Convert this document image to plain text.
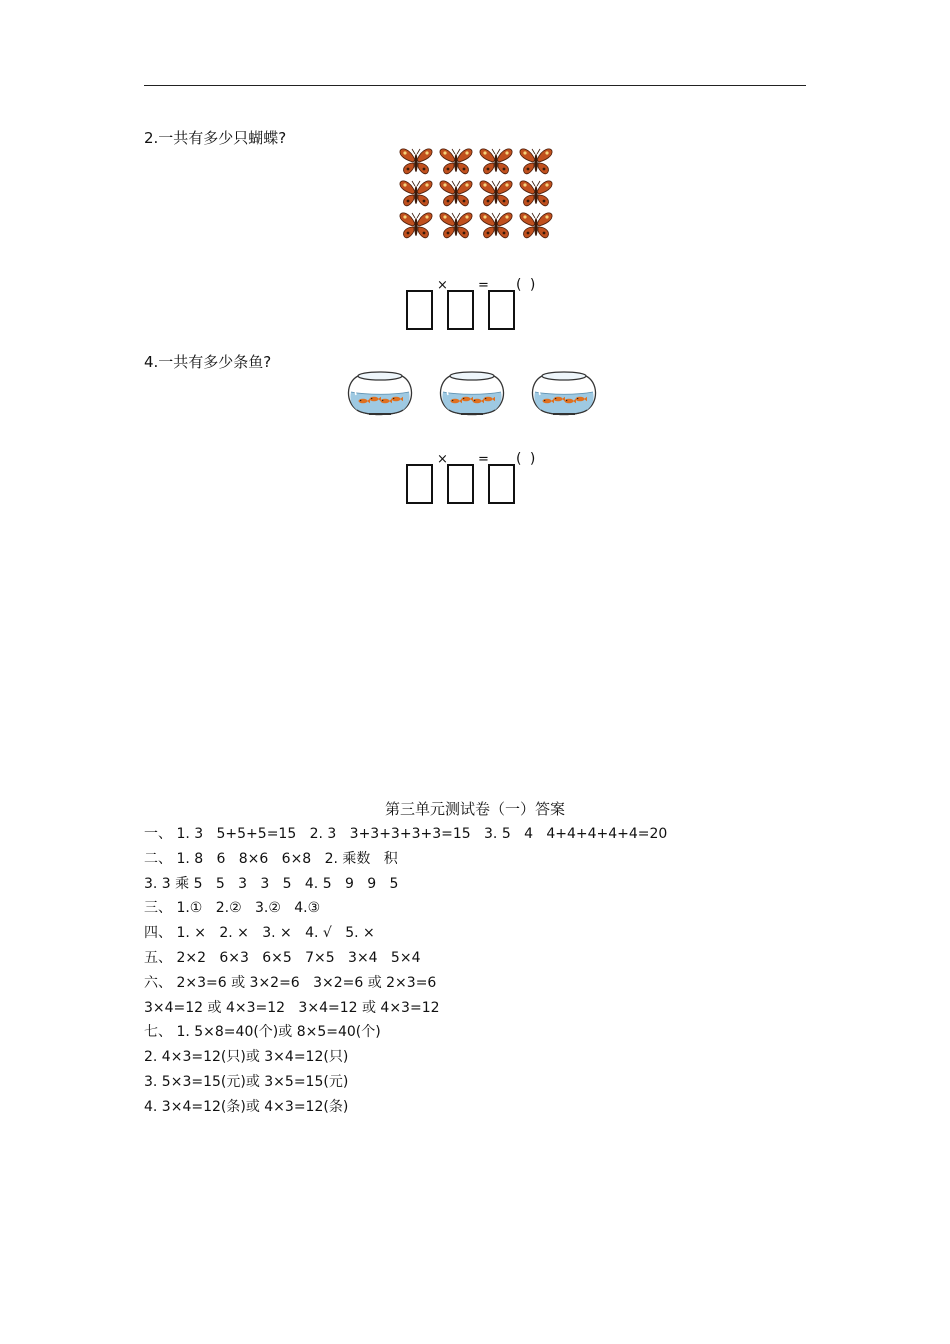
2.一共有多少只蝴蝶?
× = ( )
4.一共有多少条鱼?
× = ( )
第三单元测试卷（一）答案
一、 1. 3   5+5+5=15   2. 3   3+3+3+3+3=15   3. 5   4   4+4+4+4+4=20
二、 1. 8   6   8×6   6×8   2. 乘数   积
3. 3 乘 5   5   3   3   5   4. 5   9   9   5
三、 1.①   2.②   3.②   4.③
四、 1. ×   2. ×   3. ×   4. √   5. ×
五、 2×2   6×3   6×5   7×5   3×4   5×4
六、 2×3=6 或 3×2=6   3×2=6 或 2×3=6
3×4=12 或 4×3=12   3×4=12 或 4×3=12
七、 1. 5×8=40(个)或 8×5=40(个)
2. 4×3=12(只)或 3×4=12(只)
3. 5×3=15(元)或 3×5=15(元)
4. 3×4=12(条)或 4×3=12(条)
